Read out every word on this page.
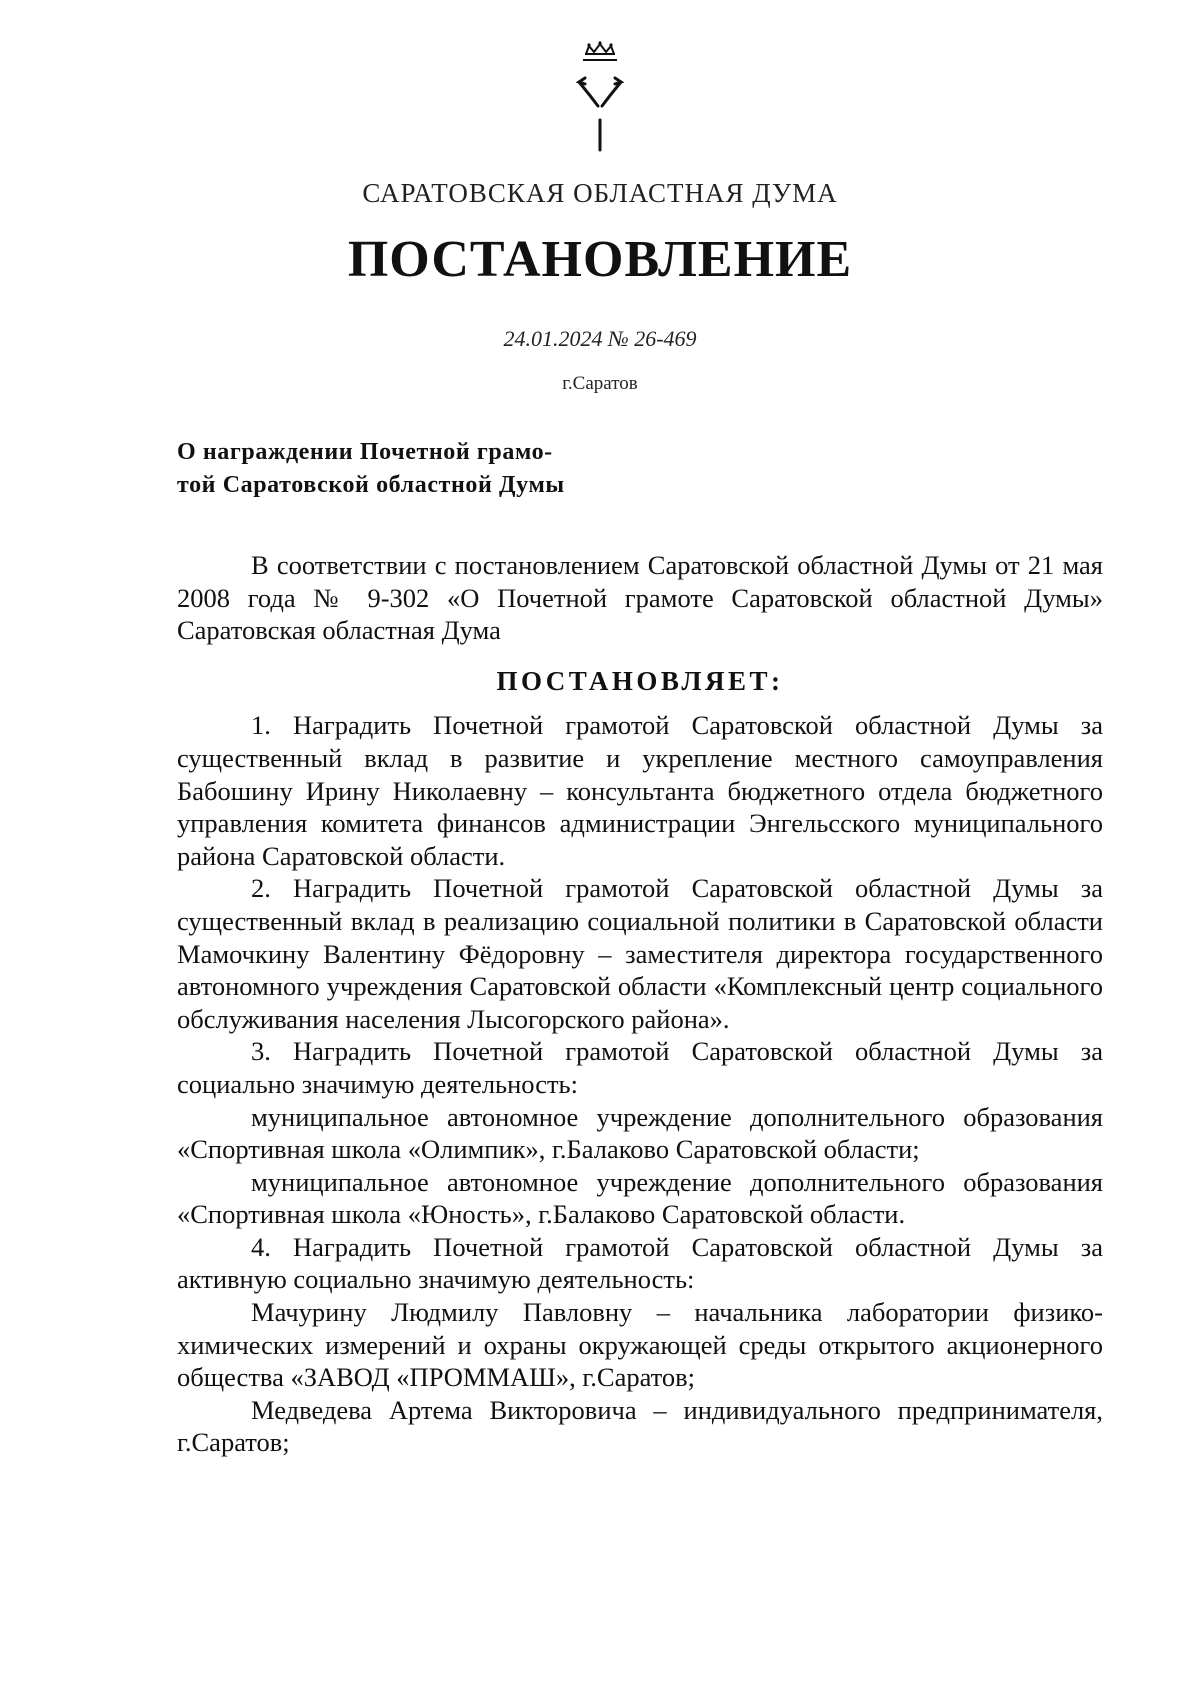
САРАТОВСКАЯ ОБЛАСТНАЯ ДУМА
ПОСТАНОВЛЕНИЕ
24.01.2024 № 26-469
г.Саратов
О награждении Почетной грамо-
той Саратовской областной Думы

В соответствии с постановлением Саратовской областной Думы от 21 мая 2008 года № 9-302 «О Почетной грамоте Саратовской областной Думы» Саратовская областная Дума

ПОСТАНОВЛЯЕТ:

1. Наградить Почетной грамотой Саратовской областной Думы за существенный вклад в развитие и укрепление местного самоуправления Бабошину Ирину Николаевну – консультанта бюджетного отдела бюджетного управления комитета финансов администрации Энгельсского муниципального района Саратовской области.

2. Наградить Почетной грамотой Саратовской областной Думы за существенный вклад в реализацию социальной политики в Саратовской области Мамочкину Валентину Фёдоровну – заместителя директора государственного автономного учреждения Саратовской области «Комплексный центр социального обслуживания населения Лысогорского района».

3. Наградить Почетной грамотой Саратовской областной Думы за социально значимую деятельность:

муниципальное автономное учреждение дополнительного образования «Спортивная школа «Олимпик», г.Балаково Саратовской области;

муниципальное автономное учреждение дополнительного образования «Спортивная школа «Юность», г.Балаково Саратовской области.

4. Наградить Почетной грамотой Саратовской областной Думы за активную социально значимую деятельность:

Мачурину Людмилу Павловну – начальника лаборатории физико-химических измерений и охраны окружающей среды открытого акционерного общества «ЗАВОД «ПРОММАШ», г.Саратов;

Медведева Артема Викторовича – индивидуального предпринимателя, г.Саратов;
